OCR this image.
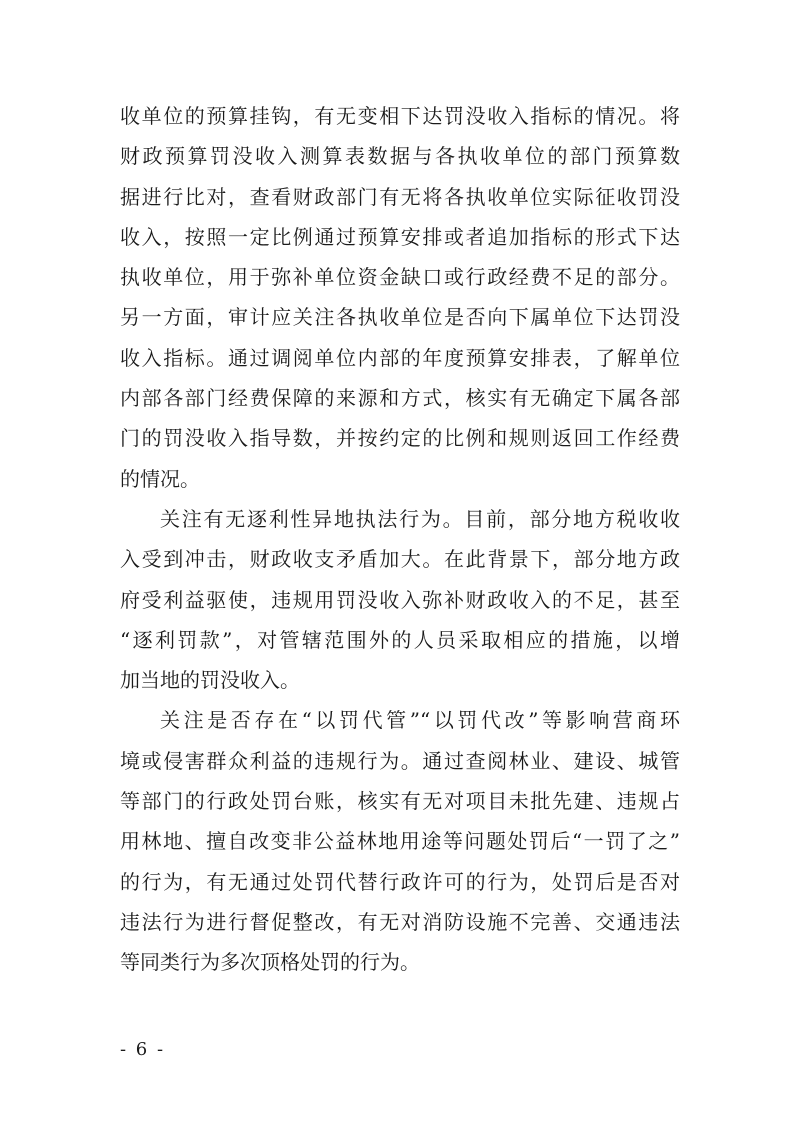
收单位的预算挂钩，有无变相下达罚没收入指标的情况。将
财政预算罚没收入测算表数据与各执收单位的部门预算数
据进行比对，查看财政部门有无将各执收单位实际征收罚没
收入，按照一定比例通过预算安排或者追加指标的形式下达
执收单位，用于弥补单位资金缺口或行政经费不足的部分。
另一方面，审计应关注各执收单位是否向下属单位下达罚没
收入指标。通过调阅单位内部的年度预算安排表，了解单位
内部各部门经费保障的来源和方式，核实有无确定下属各部
门的罚没收入指导数，并按约定的比例和规则返回工作经费
的情况。
关注有无逐利性异地执法行为。目前，部分地方税收收
入受到冲击，财政收支矛盾加大。在此背景下，部分地方政
府受利益驱使，违规用罚没收入弥补财政收入的不足，甚至
“逐利罚款”，对管辖范围外的人员采取相应的措施，以增
加当地的罚没收入。
关注是否存在“以罚代管”“以罚代改”等影响营商环
境或侵害群众利益的违规行为。通过查阅林业、建设、城管
等部门的行政处罚台账，核实有无对项目未批先建、违规占
用林地、擅自改变非公益林地用途等问题处罚后“一罚了之”
的行为，有无通过处罚代替行政许可的行为，处罚后是否对
违法行为进行督促整改，有无对消防设施不完善、交通违法
等同类行为多次顶格处罚的行为。
- 6 -
